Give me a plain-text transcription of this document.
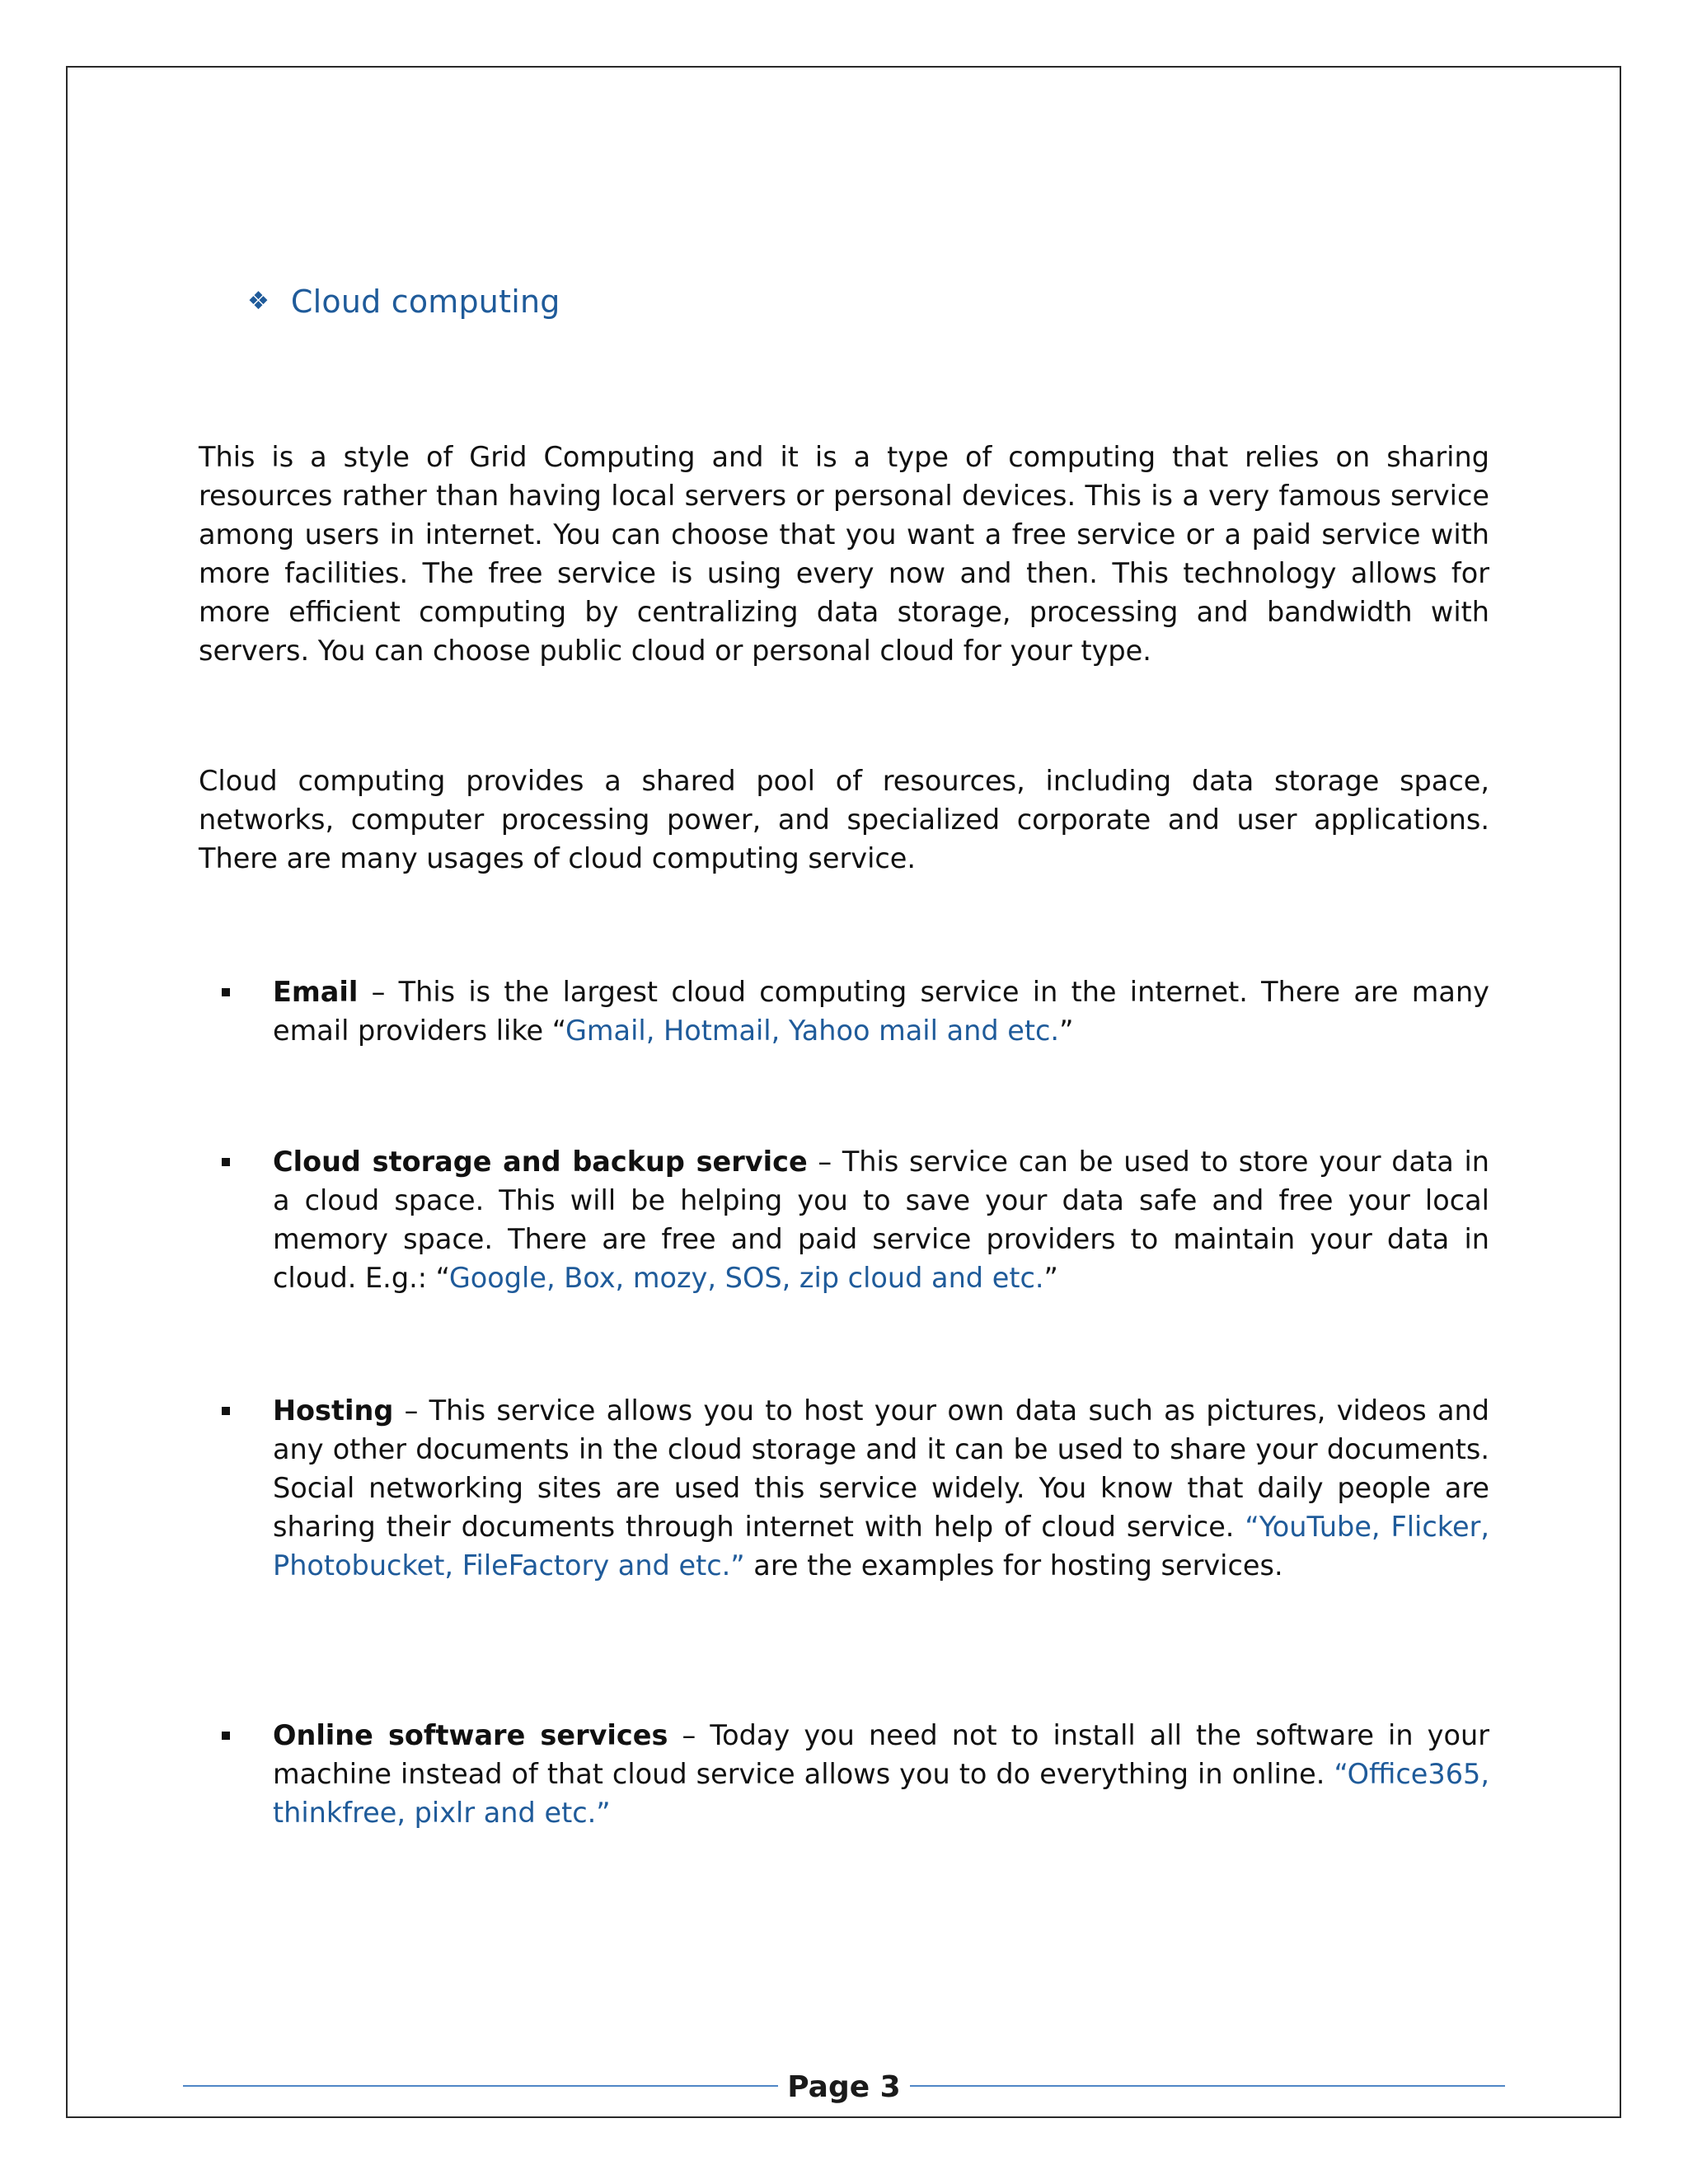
❖ Cloud computing

This is a style of Grid Computing and it is a type of computing that relies on sharing resources rather than having local servers or personal devices. This is a very famous service among users in internet. You can choose that you want a free service or a paid service with more facilities. The free service is using every now and then. This technology allows for more efficient computing by centralizing data storage, processing and bandwidth with servers. You can choose public cloud or personal cloud for your type.

Cloud computing provides a shared pool of resources, including data storage space, networks, computer processing power, and specialized corporate and user applications. There are many usages of cloud computing service.

Email – This is the largest cloud computing service in the internet. There are many email providers like “Gmail, Hotmail, Yahoo mail and etc.”
Cloud storage and backup service – This service can be used to store your data in a cloud space. This will be helping you to save your data safe and free your local memory space. There are free and paid service providers to maintain your data in cloud. E.g.: “Google, Box, mozy, SOS, zip cloud and etc.”
Hosting – This service allows you to host your own data such as pictures, videos and any other documents in the cloud storage and it can be used to share your documents. Social networking sites are used this service widely. You know that daily people are sharing their documents through internet with help of cloud service. “YouTube, Flicker, Photobucket, FileFactory and etc.” are the examples for hosting services.
Online software services – Today you need not to install all the software in your machine instead of that cloud service allows you to do everything in online. “Office365, thinkfree, pixlr and etc.”
Page 3
